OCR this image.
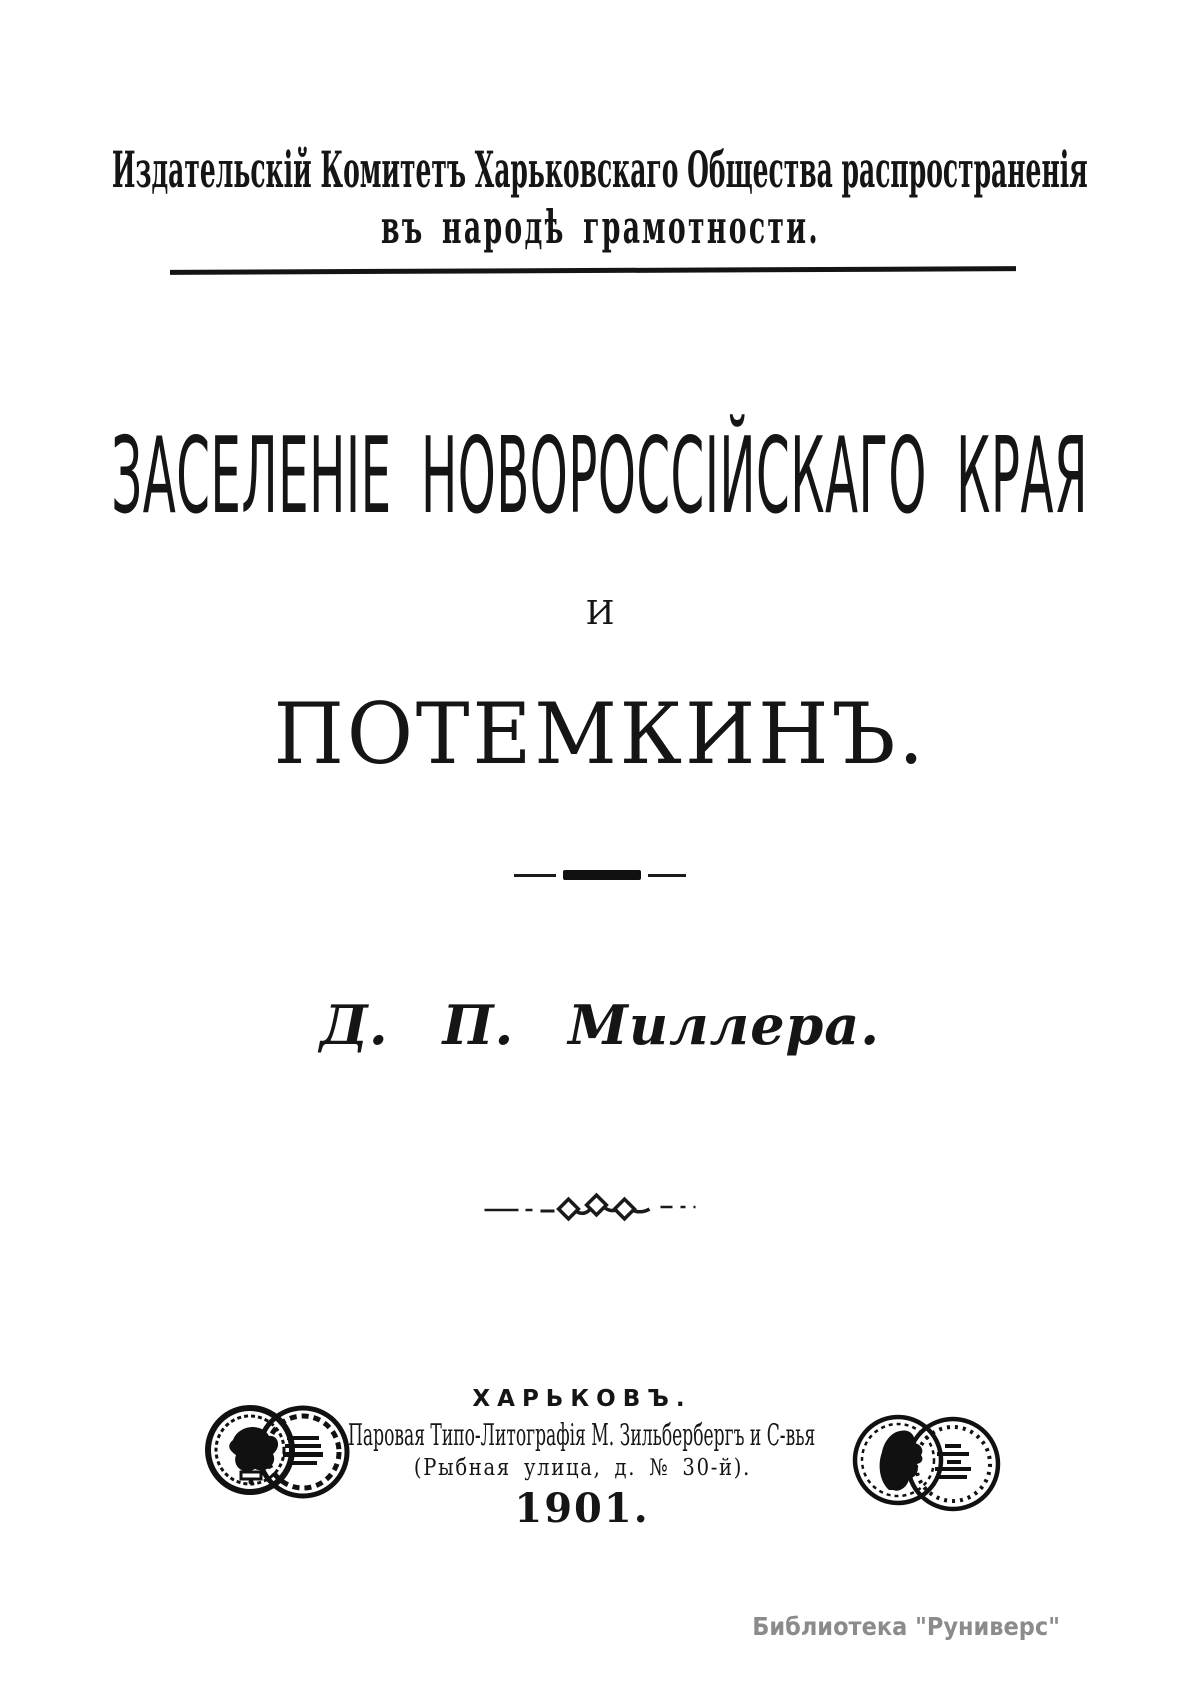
Издательскій Комитетъ Харьковскаго Общества распространенія
въ народѣ грамотности.
ЗАСЕЛЕНІЕ НОВОРОССІЙСКАГО КРАЯ
И
ПОТЕМКИНЪ.
Д. П. Миллера.
ХАРЬКОВЪ.
Паровая Типо-Литографія М. Зильбербергъ и С-вья
(Рыбная улица, д. № 30-й).
1901.
Библиотека "Руниверс"
